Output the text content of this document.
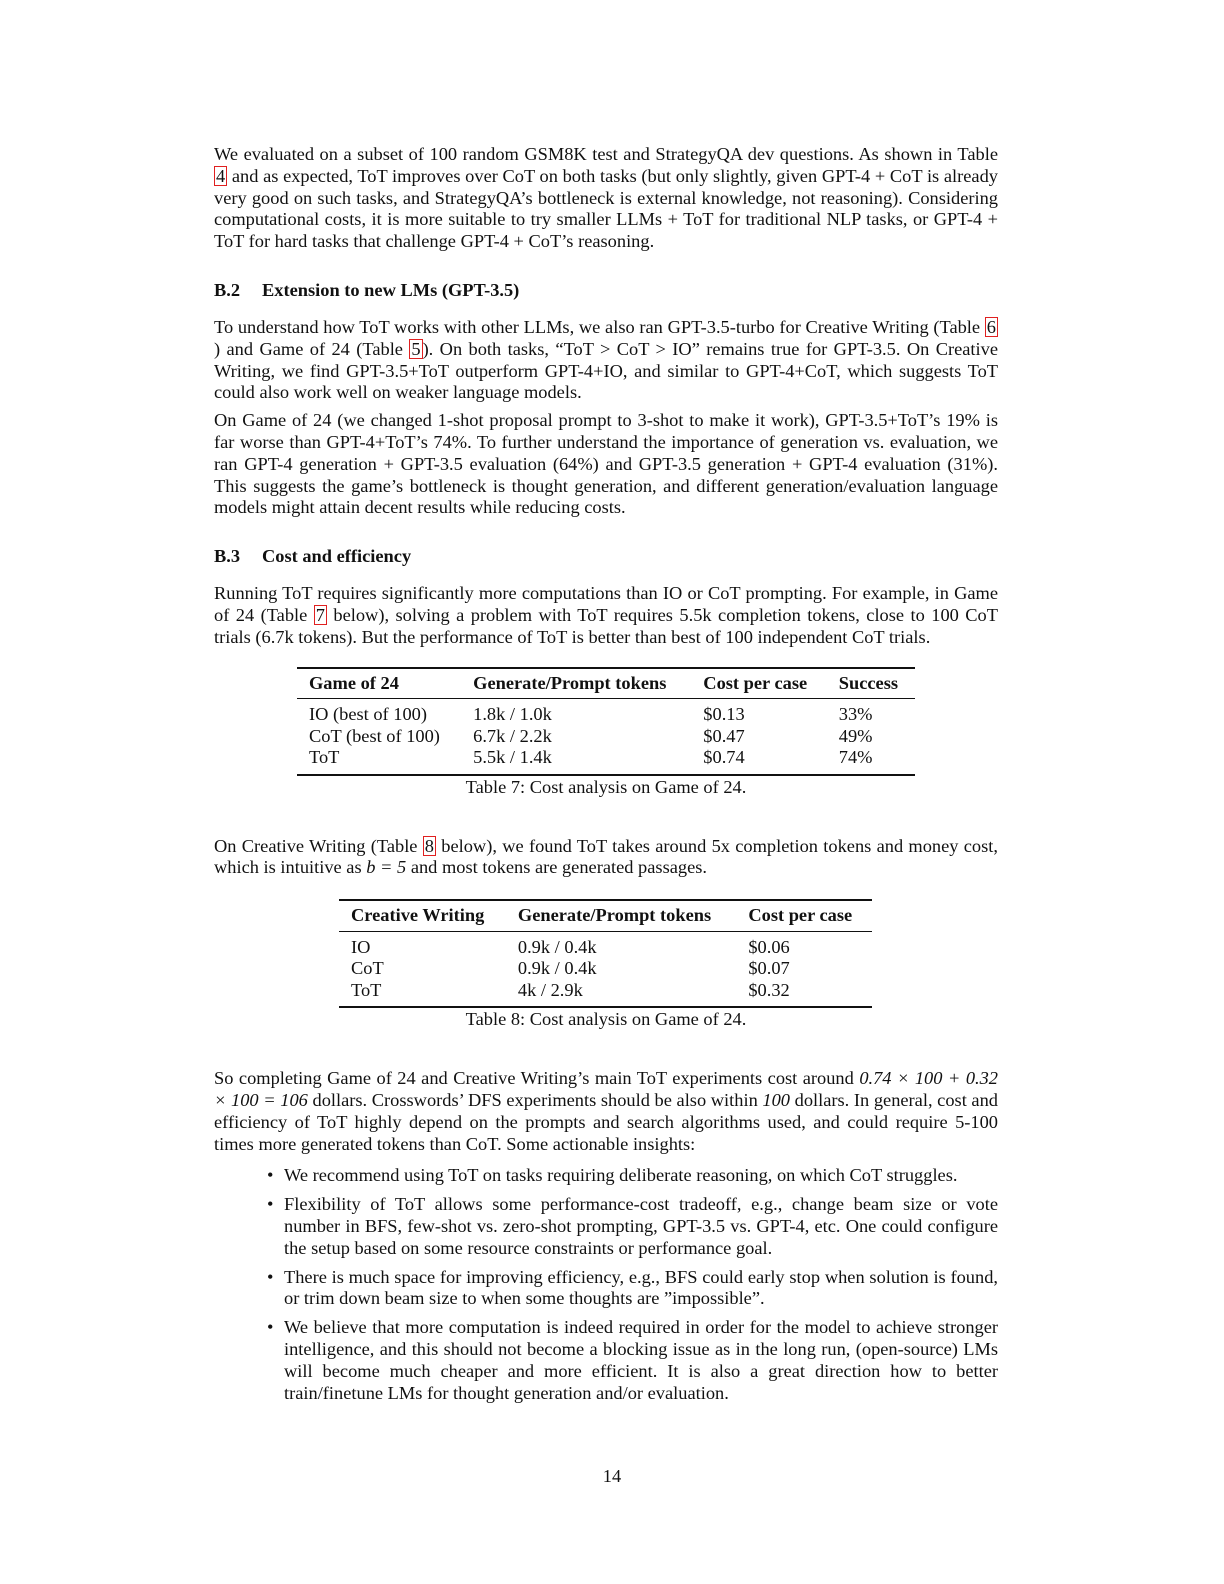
We evaluated on a subset of 100 random GSM8K test and StrategyQA dev questions. As shown in Table 4 and as expected, ToT improves over CoT on both tasks (but only slightly, given GPT-4 + CoT is already very good on such tasks, and StrategyQA’s bottleneck is external knowledge, not reasoning). Considering computational costs, it is more suitable to try smaller LLMs + ToT for traditional NLP tasks, or GPT-4 + ToT for hard tasks that challenge GPT-4 + CoT’s reasoning.

B.2 Extension to new LMs (GPT-3.5)

To understand how ToT works with other LLMs, we also ran GPT-3.5-turbo for Creative Writing (Table 6) and Game of 24 (Table 5 ). On both tasks, “ToT > CoT > IO” remains true for GPT-3.5. On Creative Writing, we find GPT-3.5+ToT outperform GPT-4+IO, and similar to GPT-4+CoT, which suggests ToT could also work well on weaker language models.

On Game of 24 (we changed 1-shot proposal prompt to 3-shot to make it work), GPT-3.5+ToT’s 19% is far worse than GPT-4+ToT’s 74%. To further understand the importance of generation vs. evaluation, we ran GPT-4 generation + GPT-3.5 evaluation (64%) and GPT-3.5 generation + GPT-4 evaluation (31%). This suggests the game’s bottleneck is thought generation, and different generation/evaluation language models might attain decent results while reducing costs.

B.3 Cost and efficiency

Running ToT requires significantly more computations than IO or CoT prompting. For example, in Game of 24 (Table 7 below), solving a problem with ToT requires 5.5k completion tokens, close to 100 CoT trials (6.7k tokens). But the performance of ToT is better than best of 100 independent CoT trials.

Game of 24	Generate/Prompt tokens	Cost per case	Success
IO (best of 100)	1.8k / 1.0k	$0.13	33%
CoT (best of 100)	6.7k / 2.2k	$0.47	49%
ToT	5.5k / 1.4k	$0.74	74%
Table 7: Cost analysis on Game of 24.

On Creative Writing (Table 8 below), we found ToT takes around 5x completion tokens and money cost, which is intuitive as b = 5 and most tokens are generated passages.

Creative Writing	Generate/Prompt tokens	Cost per case
IO	0.9k / 0.4k	$0.06
CoT	0.9k / 0.4k	$0.07
ToT	4k / 2.9k	$0.32
Table 8: Cost analysis on Game of 24.

So completing Game of 24 and Creative Writing’s main ToT experiments cost around 0.74 × 100 + 0.32 × 100 = 106 dollars. Crosswords’ DFS experiments should be also within 100 dollars. In general, cost and efficiency of ToT highly depend on the prompts and search algorithms used, and could require 5-100 times more generated tokens than CoT. Some actionable insights:

• We recommend using ToT on tasks requiring deliberate reasoning, on which CoT struggles.
• Flexibility of ToT allows some performance-cost tradeoff, e.g., change beam size or vote number in BFS, few-shot vs. zero-shot prompting, GPT-3.5 vs. GPT-4, etc. One could configure the setup based on some resource constraints or performance goal.
• There is much space for improving efficiency, e.g., BFS could early stop when solution is found, or trim down beam size to when some thoughts are ”impossible”.
• We believe that more computation is indeed required in order for the model to achieve stronger intelligence, and this should not become a blocking issue as in the long run, (open-source) LMs will become much cheaper and more efficient. It is also a great direction how to better train/finetune LMs for thought generation and/or evaluation.
14
